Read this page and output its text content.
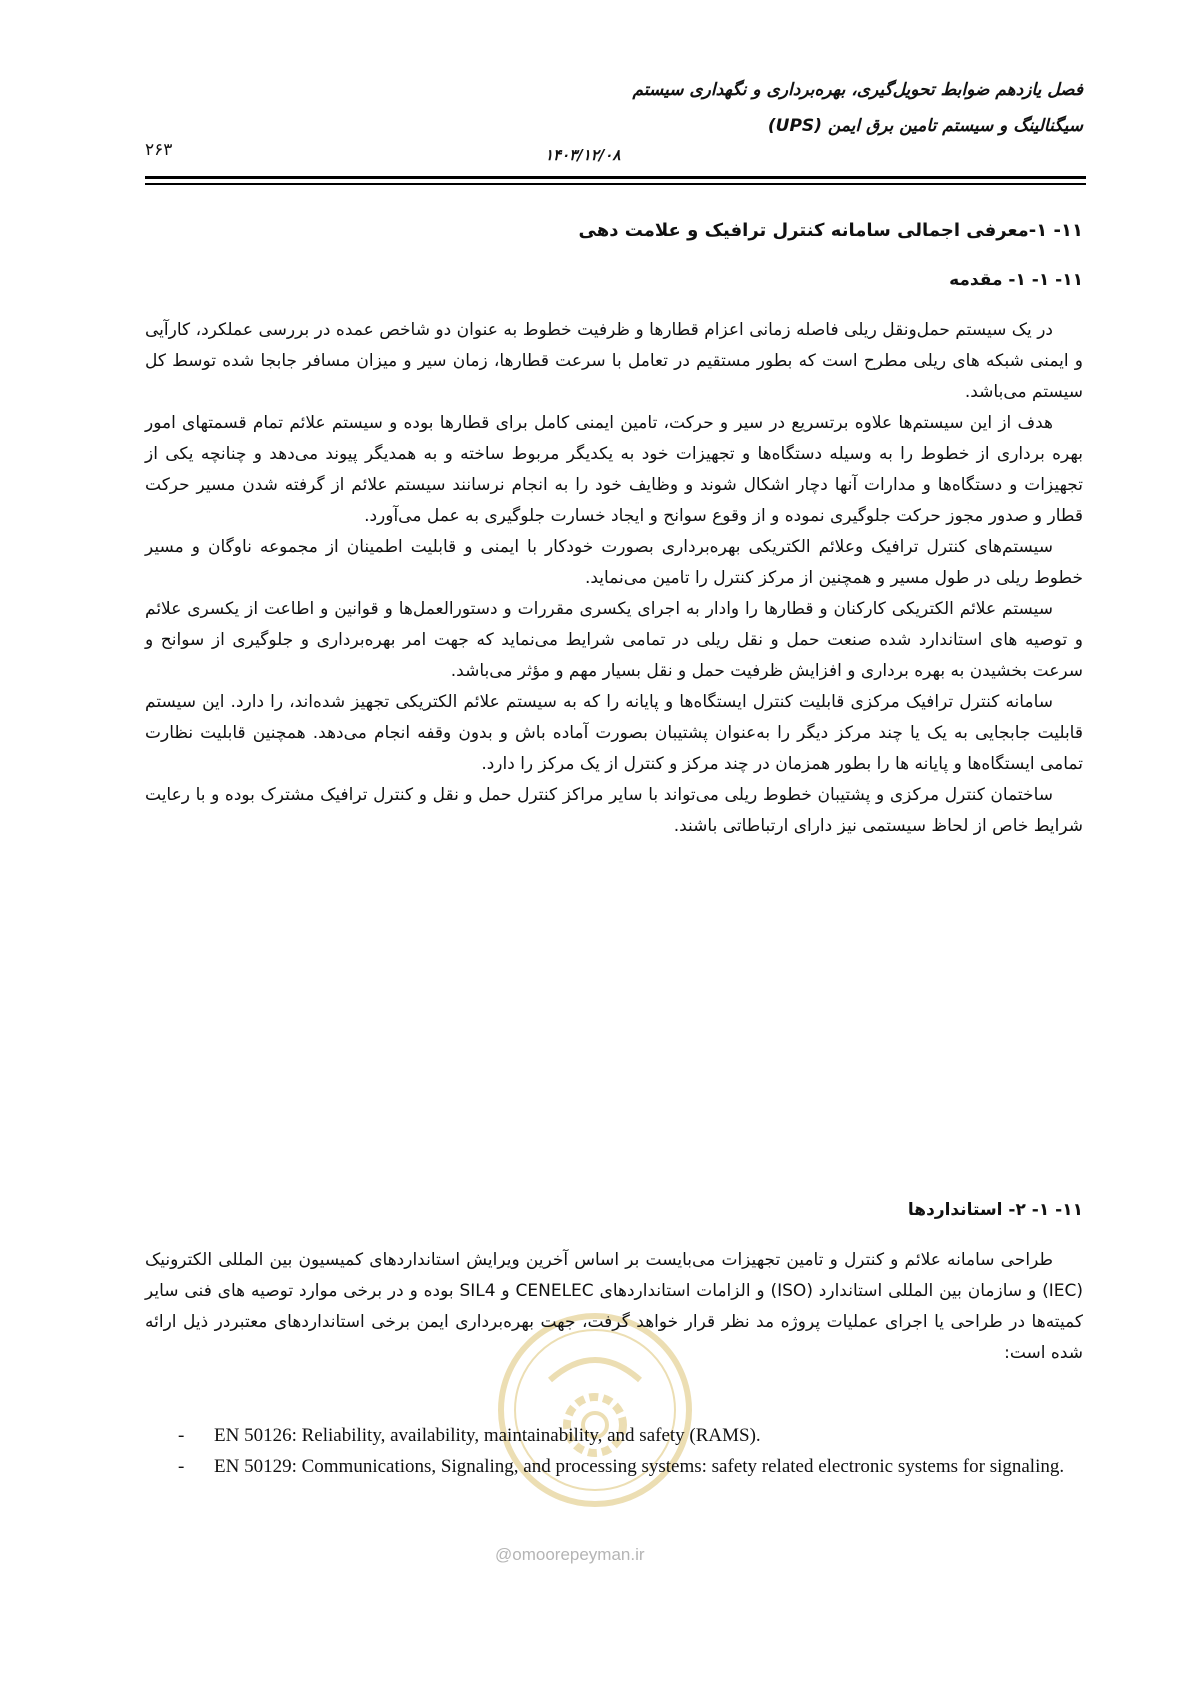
فصل یازدهم ضوابط تحویل‌گیری، بهره‌برداری و نگهداری سیستم
سیگنالینگ و سیستم تامین برق ایمن (UPS)
۱۴۰۳/۱۲/۰۸
۲۶۳
۱۱- ۱-معرفی اجمالی سامانه کنترل ترافیک و علامت دهی
۱۱- ۱- ۱- مقدمه

در یک سیستم حمل‌ونقل ریلی فاصله زمانی اعزام قطارها و ظرفیت خطوط به عنوان دو شاخص عمده در بررسی عملکرد، کارآیی و ایمنی شبکه های ریلی مطرح است که بطور مستقیم در تعامل با سرعت قطارها، زمان سیر و میزان مسافر جابجا شده توسط کل سیستم می‌باشد.

هدف از این سیستم‌ها علاوه برتسریع در سیر و حرکت، تامین ایمنی کامل برای قطارها بوده و سیستم علائم تمام قسمتهای امور بهره برداری از خطوط را به وسیله دستگاه‌ها و تجهیزات خود به یکدیگر مربوط ساخته و به همدیگر پیوند می‌دهد و چنانچه یکی از تجهیزات و دستگاه‌ها و مدارات آنها دچار اشکال شوند و وظایف خود را به انجام نرسانند سیستم علائم از گرفته شدن مسیر حرکت قطار و صدور مجوز حرکت جلوگیری نموده و از وقوع سوانح و ایجاد خسارت جلوگیری به عمل می‌آورد.

سیستم‌های کنترل ترافیک وعلائم الکتریکی بهره‌برداری بصورت خودکار با ایمنی و قابلیت اطمینان از مجموعه ناوگان و مسیر خطوط ریلی در طول مسیر و همچنین از مرکز کنترل را تامین می‌نماید.

سیستم علائم الکتریکی کارکنان و قطارها را وادار به اجرای یکسری مقررات و دستورالعمل‌ها و قوانین و اطاعت از یکسری علائم و توصیه های استاندارد شده صنعت حمل و نقل ریلی در تمامی شرایط می‌نماید که جهت امر بهره‌برداری و جلوگیری از سوانح و سرعت بخشیدن به بهره برداری و افزایش ظرفیت حمل و نقل بسیار مهم و مؤثر می‌باشد.

سامانه کنترل ترافیک مرکزی قابلیت کنترل ایستگاه‌ها و پایانه را که به سیستم علائم الکتریکی تجهیز شده‌اند، را دارد. این سیستم قابلیت جابجایی به یک یا چند مرکز دیگر را به‌عنوان پشتیبان بصورت آماده باش و بدون وقفه انجام می‌دهد. همچنین قابلیت نظارت تمامی ایستگاه‌ها و پایانه ها را بطور همزمان در چند مرکز و کنترل از یک مرکز را دارد.

ساختمان کنترل مرکزی و پشتیبان خطوط ریلی می‌تواند با سایر مراکز کنترل حمل و نقل و کنترل ترافیک مشترک بوده و با رعایت شرایط خاص از لحاظ سیستمی نیز دارای ارتباطاتی باشند.

۱۱- ۱- ۲- استانداردها

طراحی سامانه علائم و کنترل و تامین تجهیزات می‌بایست بر اساس آخرین ویرایش استانداردهای کمیسیون بین المللی الکترونیک (IEC) و سازمان بین المللی استاندارد (ISO) و الزامات استانداردهای CENELEC و SIL4 بوده و در برخی موارد توصیه های فنی سایر کمیته‌ها در طراحی یا اجرای عملیات پروژه مد نظر قرار خواهد گرفت، جهت بهره‌برداری ایمن برخی استانداردهای معتبردر ذیل ارائه شده است:

- EN 50126: Reliability, availability, maintainability, and safety (RAMS).
- EN 50129: Communications, Signaling, and processing systems: safety related electronic systems for signaling.
@omoorepeyman.ir
